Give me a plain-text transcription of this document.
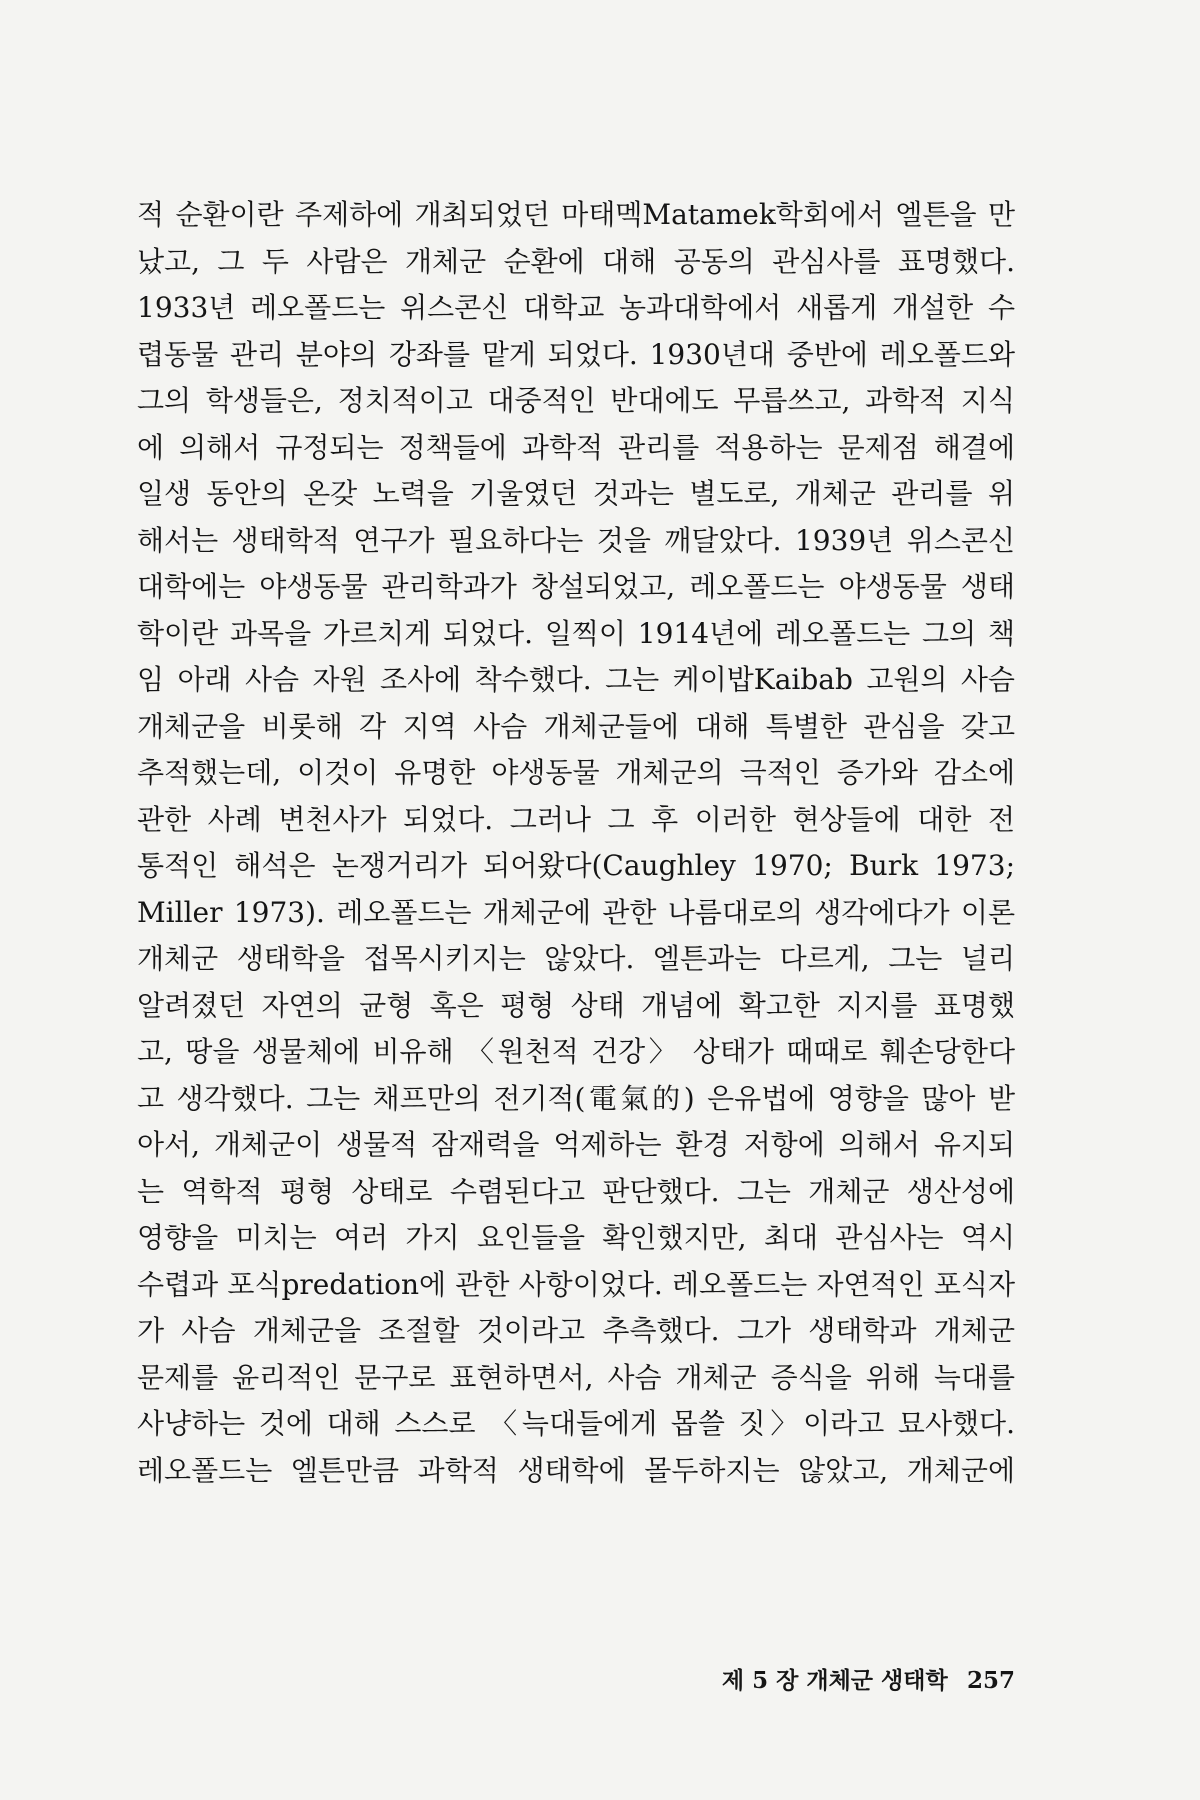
적 순환이란 주제하에 개최되었던 마태멕Matamek학회에서 엘튼을 만
났고, 그 두 사람은 개체군 순환에 대해 공동의 관심사를 표명했다.
1933년 레오폴드는 위스콘신 대학교 농과대학에서 새롭게 개설한 수
렵동물 관리 분야의 강좌를 맡게 되었다. 1930년대 중반에 레오폴드와
그의 학생들은, 정치적이고 대중적인 반대에도 무릅쓰고, 과학적 지식
에 의해서 규정되는 정책들에 과학적 관리를 적용하는 문제점 해결에
일생 동안의 온갖 노력을 기울였던 것과는 별도로, 개체군 관리를 위
해서는 생태학적 연구가 필요하다는 것을 깨달았다. 1939년 위스콘신
대학에는 야생동물 관리학과가 창설되었고, 레오폴드는 야생동물 생태
학이란 과목을 가르치게 되었다. 일찍이 1914년에 레오폴드는 그의 책
임 아래 사슴 자원 조사에 착수했다. 그는 케이밥Kaibab 고원의 사슴
개체군을 비롯해 각 지역 사슴 개체군들에 대해 특별한 관심을 갖고
추적했는데, 이것이 유명한 야생동물 개체군의 극적인 증가와 감소에
관한 사례 변천사가 되었다. 그러나 그 후 이러한 현상들에 대한 전
통적인 해석은 논쟁거리가 되어왔다(Caughley 1970; Burk 1973;
Miller 1973). 레오폴드는 개체군에 관한 나름대로의 생각에다가 이론
개체군 생태학을 접목시키지는 않았다. 엘튼과는 다르게, 그는 널리
알려졌던 자연의 균형 혹은 평형 상태 개념에 확고한 지지를 표명했
고, 땅을 생물체에 비유해 〈원천적 건강〉 상태가 때때로 훼손당한다
고 생각했다. 그는 채프만의 전기적(電氣的) 은유법에 영향을 많아 받
아서, 개체군이 생물적 잠재력을 억제하는 환경 저항에 의해서 유지되
는 역학적 평형 상태로 수렴된다고 판단했다. 그는 개체군 생산성에
영향을 미치는 여러 가지 요인들을 확인했지만, 최대 관심사는 역시
수렵과 포식predation에 관한 사항이었다. 레오폴드는 자연적인 포식자
가 사슴 개체군을 조절할 것이라고 추측했다. 그가 생태학과 개체군
문제를 윤리적인 문구로 표현하면서, 사슴 개체군 증식을 위해 늑대를
사냥하는 것에 대해 스스로 〈늑대들에게 몹쓸 짓〉이라고 묘사했다.
레오폴드는 엘튼만큼 과학적 생태학에 몰두하지는 않았고, 개체군에
제 5 장 개체군 생태학 257
